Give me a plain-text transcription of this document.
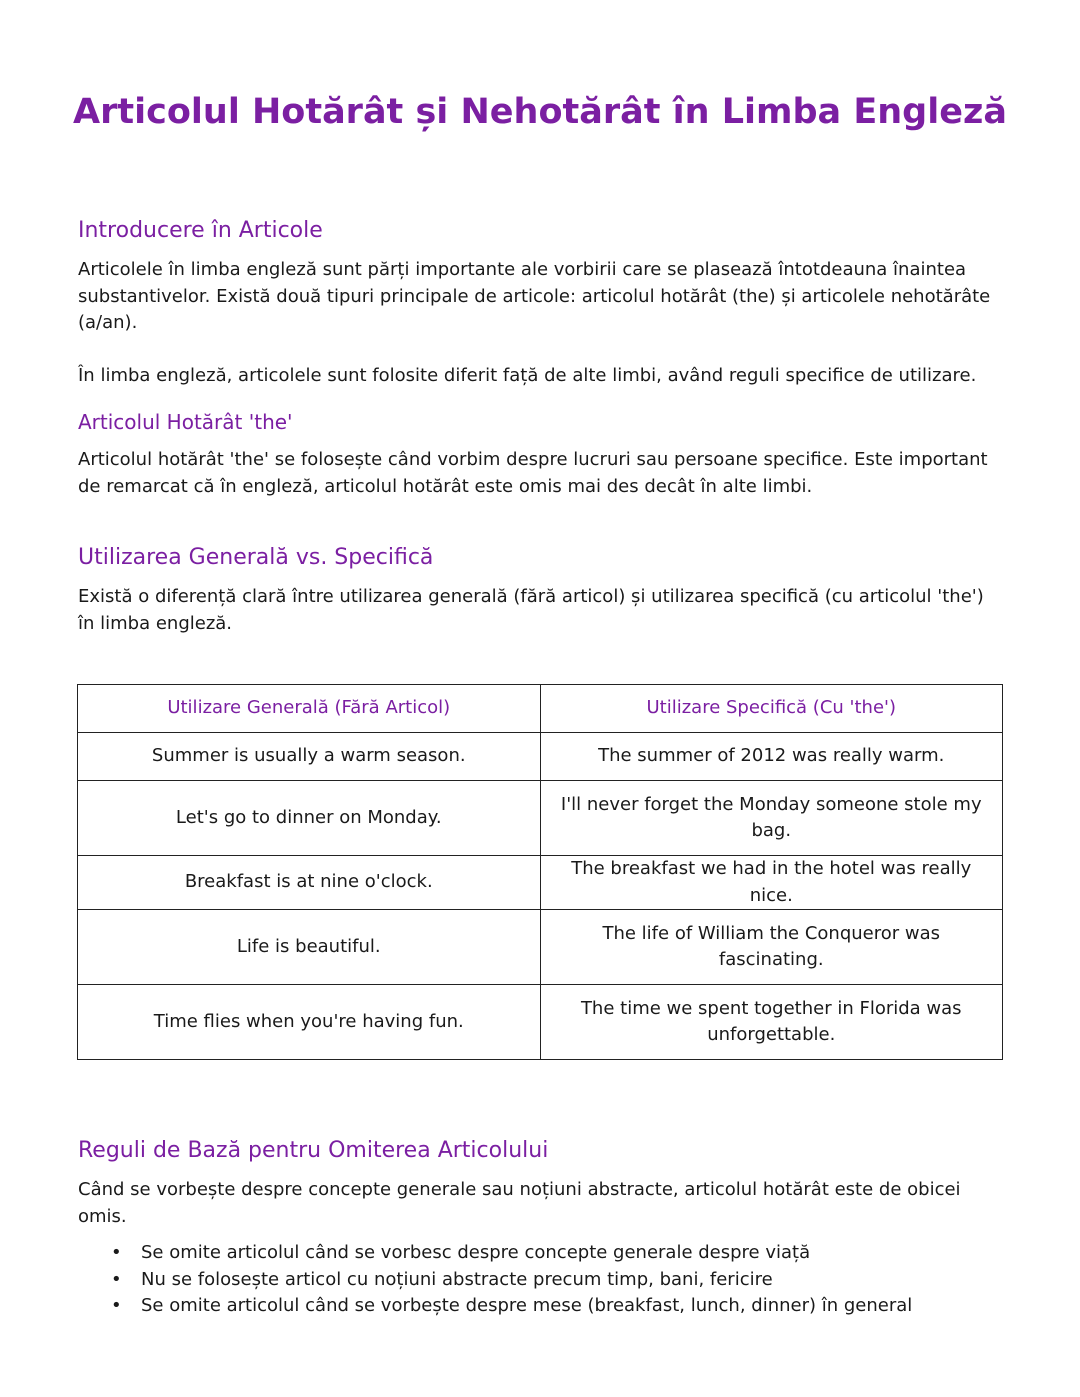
Articolul Hotărât și Nehotărât în Limba Engleză
Introducere în Articole

Articolele în limba engleză sunt părți importante ale vorbirii care se plasează întotdeauna înaintea substantivelor. Există două tipuri principale de articole: articolul hotărât (the) și articolele nehotărâte (a/an).

În limba engleză, articolele sunt folosite diferit față de alte limbi, având reguli specifice de utilizare.

Articolul Hotărât 'the'

Articolul hotărât 'the' se folosește când vorbim despre lucruri sau persoane specifice. Este important de remarcat că în engleză, articolul hotărât este omis mai des decât în alte limbi.

Utilizarea Generală vs. Specifică

Există o diferență clară între utilizarea generală (fără articol) și utilizarea specifică (cu articolul 'the') în limba engleză.

Utilizare Generală (Fără Articol)	Utilizare Specifică (Cu 'the')
Summer is usually a warm season.	The summer of 2012 was really warm.
Let's go to dinner on Monday.	I'll never forget the Monday someone stole my bag.
Breakfast is at nine o'clock.	The breakfast we had in the hotel was really nice.
Life is beautiful.	The life of William the Conqueror was fascinating.
Time flies when you're having fun.	The time we spent together in Florida was unforgettable.
Reguli de Bază pentru Omiterea Articolului

Când se vorbește despre concepte generale sau noțiuni abstracte, articolul hotărât este de obicei omis.

• Se omite articolul când se vorbesc despre concepte generale despre viață
• Nu se folosește articol cu noțiuni abstracte precum timp, bani, fericire
• Se omite articolul când se vorbește despre mese (breakfast, lunch, dinner) în general
